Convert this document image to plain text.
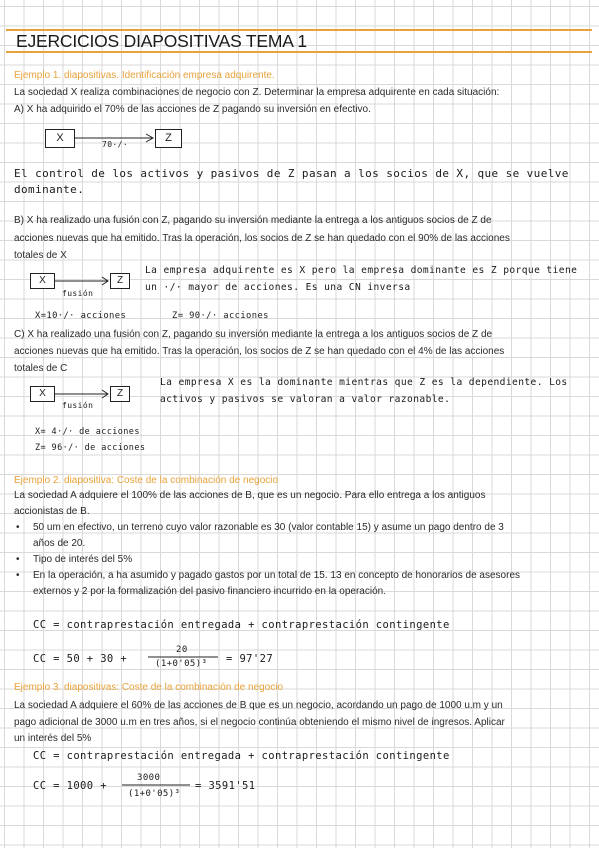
EJERCICIOS DIAPOSITIVAS TEMA 1
Ejemplo 1. diapositivas. Identificación empresa adquirente.
La sociedad X realiza combinaciones de negocio con Z. Determinar la empresa adquirente en cada situación:
A) X ha adquirido el 70% de las acciones de Z pagando su inversión en efectivo.
X	Z
70·/·
El control de los activos y pasivos de Z pasan a los socios de X, que se vuelve
dominante.
B) X ha realizado una fusión con Z, pagando su inversión mediante la entrega a los antiguos socios de Z de
acciones nuevas que ha emitido. Tras la operación, los socios de Z se han quedado con el 90% de las acciones
totales de X
X	Z
fusión
La empresa adquirente es X pero la empresa dominante es Z porque tiene
un ·/· mayor de acciones. Es una CN inversa
X=10·/· acciones	Z= 90·/· acciones
C) X ha realizado una fusión con Z, pagando su inversión mediante la entrega a los antiguos socios de Z de
acciones nuevas que ha emitido. Tras la operación, los socios de Z se han quedado con el 4% de las acciones
totales de C
X	Z
fusión
La empresa X es la dominante mientras que Z es la dependiente. Los
activos y pasivos se valoran a valor razonable.
X= 4·/· de acciones
Z= 96·/· de acciones
Ejemplo 2. diapositiva: Coste de la combinación de negocio
La sociedad A adquiere el 100% de las acciones de B, que es un negocio. Para ello entrega a los antiguos
accionistas de B.
• 50 um en efectivo, un terreno cuyo valor razonable es 30 (valor contable 15) y asume un pago dentro de 3
años de 20.
• Tipo de interés del 5%
• En la operación, a ha asumido y pagado gastos por un total de 15. 13 en concepto de honorarios de asesores
externos y 2 por la formalización del pasivo financiero incurrido en la operación.
CC = contraprestación entregada + contraprestación contingente
CC = 50 + 30 +
20
(1+0'05)³ = 97'27
Ejemplo 3. diapositivas: Coste de la combinación de negocio
La sociedad A adquiere el 60% de las acciones de B que es un negocio, acordando un pago de 1000 u.m y un
pago adicional de 3000 u.m en tres años, si el negocio continúa obteniendo el mismo nivel de ingresos. Aplicar
un interés del 5%
CC = contraprestación entregada + contraprestación contingente
CC = 1000 +
3000
(1+0'05)³
= 3591'51
